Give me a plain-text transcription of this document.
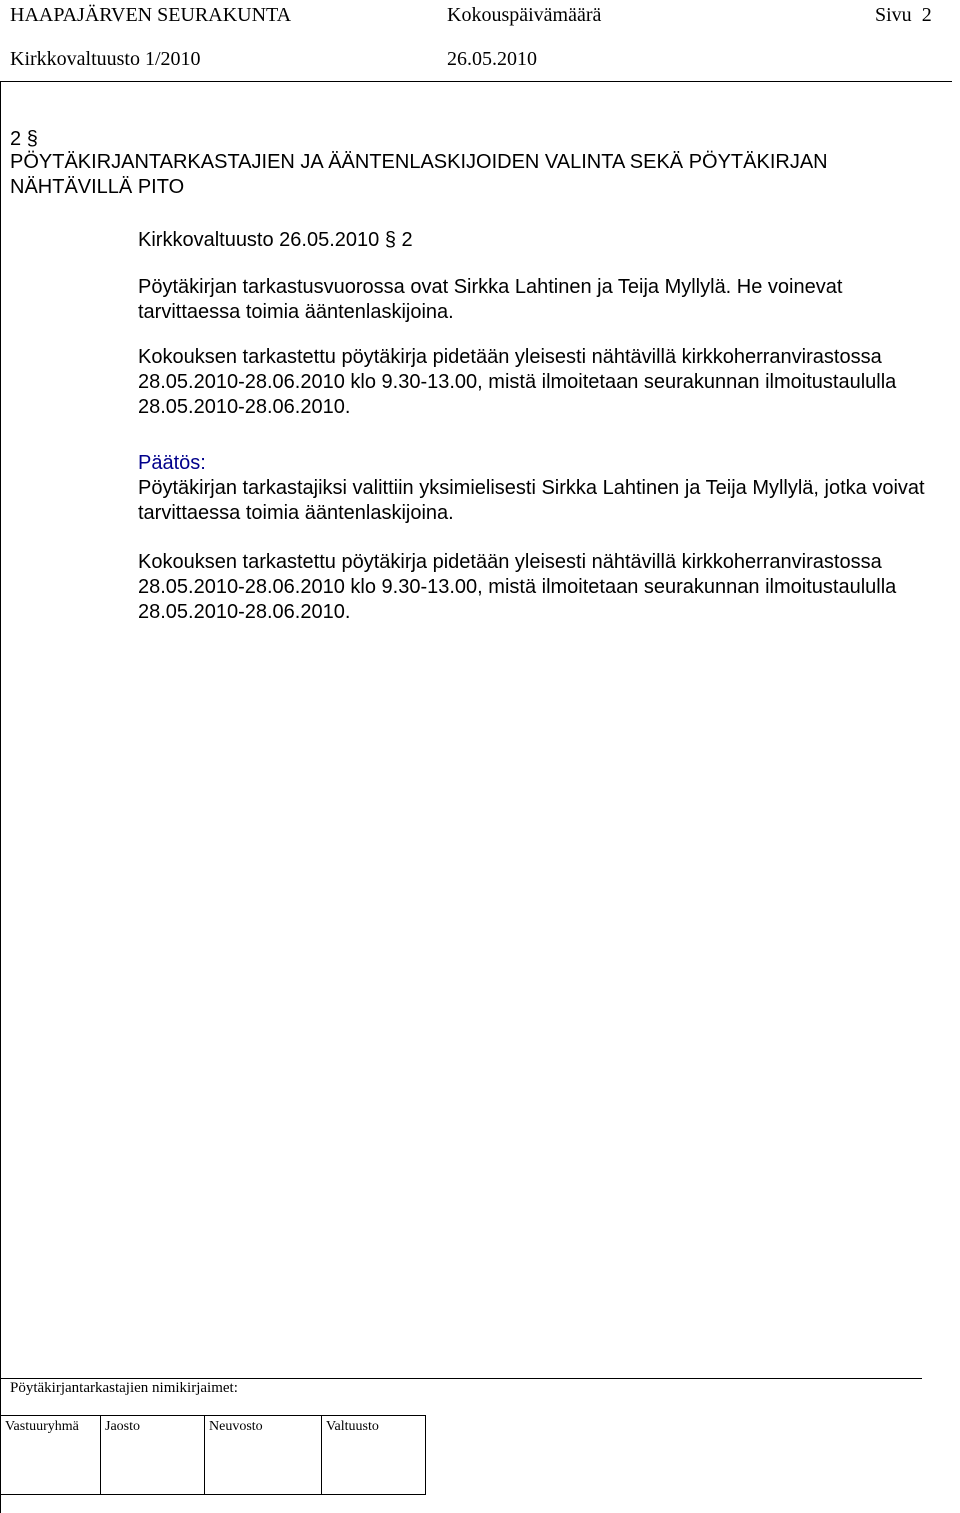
HAAPAJÄRVEN SEURAKUNTA	Kokouspäivämäärä	Sivu 2
Kirkkovaltuusto 1/2010	26.05.2010
2 §
PÖYTÄKIRJANTARKASTAJIEN JA ÄÄNTENLASKIJOIDEN VALINTA SEKÄ PÖYTÄKIRJAN NÄHTÄVILLÄ PITO

Kirkkovaltuusto 26.05.2010 § 2

Pöytäkirjan tarkastusvuorossa ovat Sirkka Lahtinen ja Teija Myllylä. He voinevat tarvittaessa toimia ääntenlaskijoina.

Kokouksen tarkastettu pöytäkirja pidetään yleisesti nähtävillä kirkkoherranvirastossa 28.05.2010-28.06.2010 klo 9.30-13.00, mistä ilmoitetaan seurakunnan ilmoitustaululla 28.05.2010-28.06.2010.

Päätös:

Pöytäkirjan tarkastajiksi valittiin yksimielisesti Sirkka Lahtinen ja Teija Myllylä, jotka voivat tarvittaessa toimia ääntenlaskijoina.

Kokouksen tarkastettu pöytäkirja pidetään yleisesti nähtävillä kirkkoherranvirastossa 28.05.2010-28.06.2010 klo 9.30-13.00, mistä ilmoitetaan seurakunnan ilmoitustaululla 28.05.2010-28.06.2010.

Pöytäkirjantarkastajien nimikirjaimet:
Vastuuryhmä	Jaosto	Neuvosto	Valtuusto
